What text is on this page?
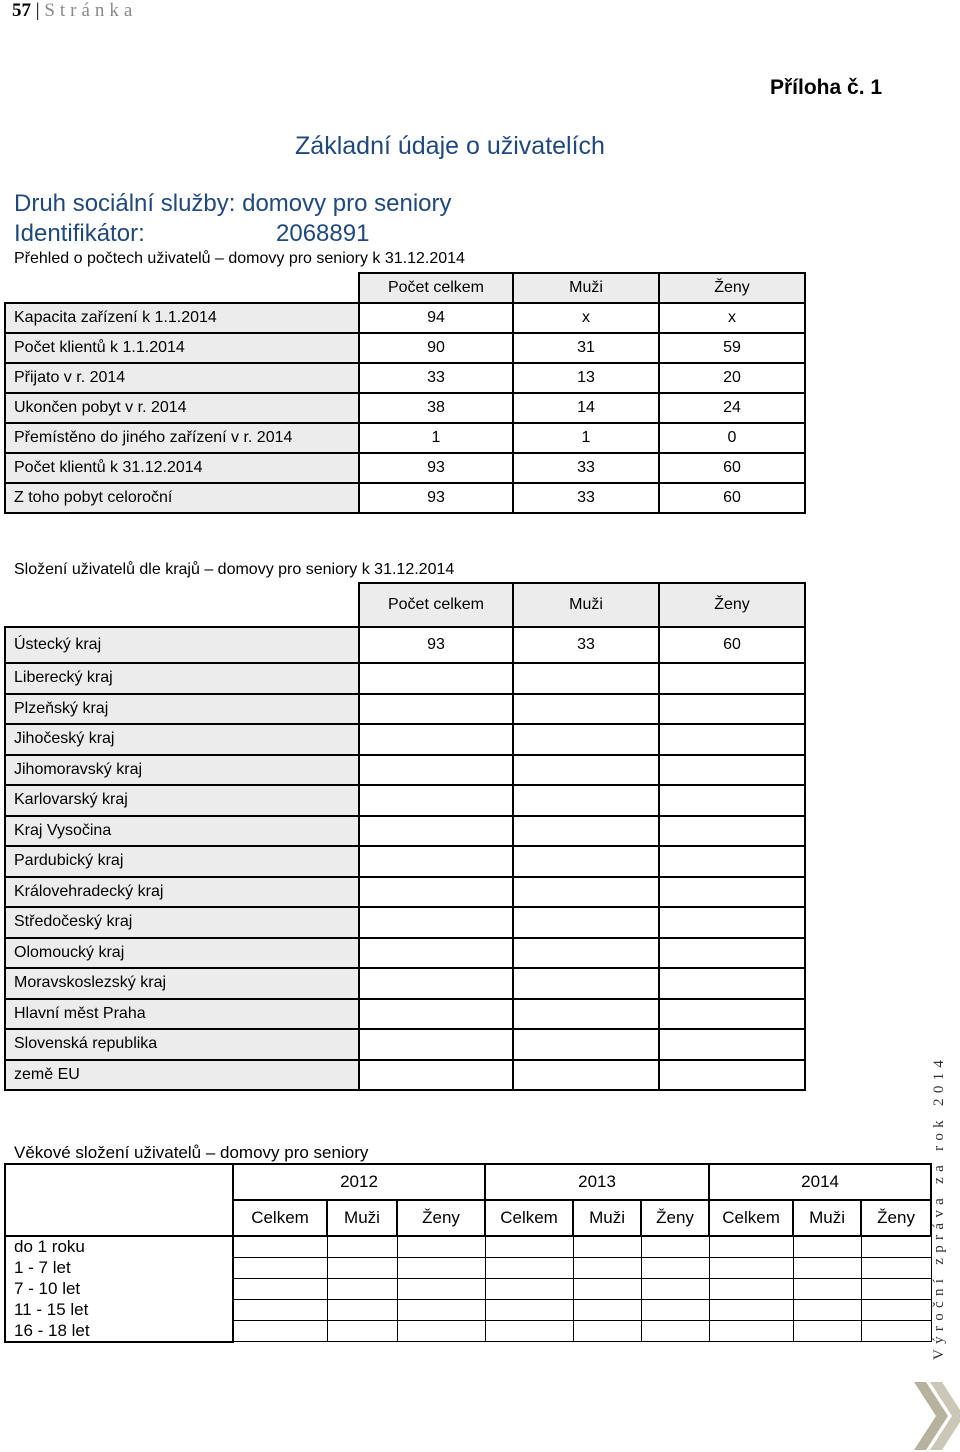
57 | Stránka
Příloha č. 1
Základní údaje o uživatelích
Druh sociální služby: domovy pro seniory
Identifikátor:	2068891
Přehled o počtech uživatelů – domovy pro seniory k 31.12.2014
	Počet celkem	Muži	Ženy
Kapacita zařízení k 1.1.2014	94	x	x
Počet klientů k 1.1.2014	90	31	59
Přijato v r. 2014	33	13	20
Ukončen pobyt v r. 2014	38	14	24
Přemístěno do jiného zařízení v r. 2014	1	1	0
Počet klientů k 31.12.2014	93	33	60
Z toho pobyt celoroční	93	33	60
Složení uživatelů dle krajů – domovy pro seniory k 31.12.2014
	Počet celkem	Muži	Ženy
Ústecký kraj	93	33	60
Liberecký kraj			
Plzeňský kraj			
Jihočeský kraj			
Jihomoravský kraj			
Karlovarský kraj			
Kraj Vysočina			
Pardubický kraj			
Královehradecký kraj			
Středočeský kraj			
Olomoucký kraj			
Moravskoslezský kraj			
Hlavní měst Praha			
Slovenská republika			
země EU			
Věkové složení uživatelů – domovy pro seniory
	2012			2013			2014		
	Celkem	Muži	Ženy	Celkem	Muži	Ženy	Celkem	Muži	Ženy
do 1 roku									
1 - 7 let									
7 - 10 let									
11 - 15 let									
16 - 18 let										Výroční zpráva za rok 2014
